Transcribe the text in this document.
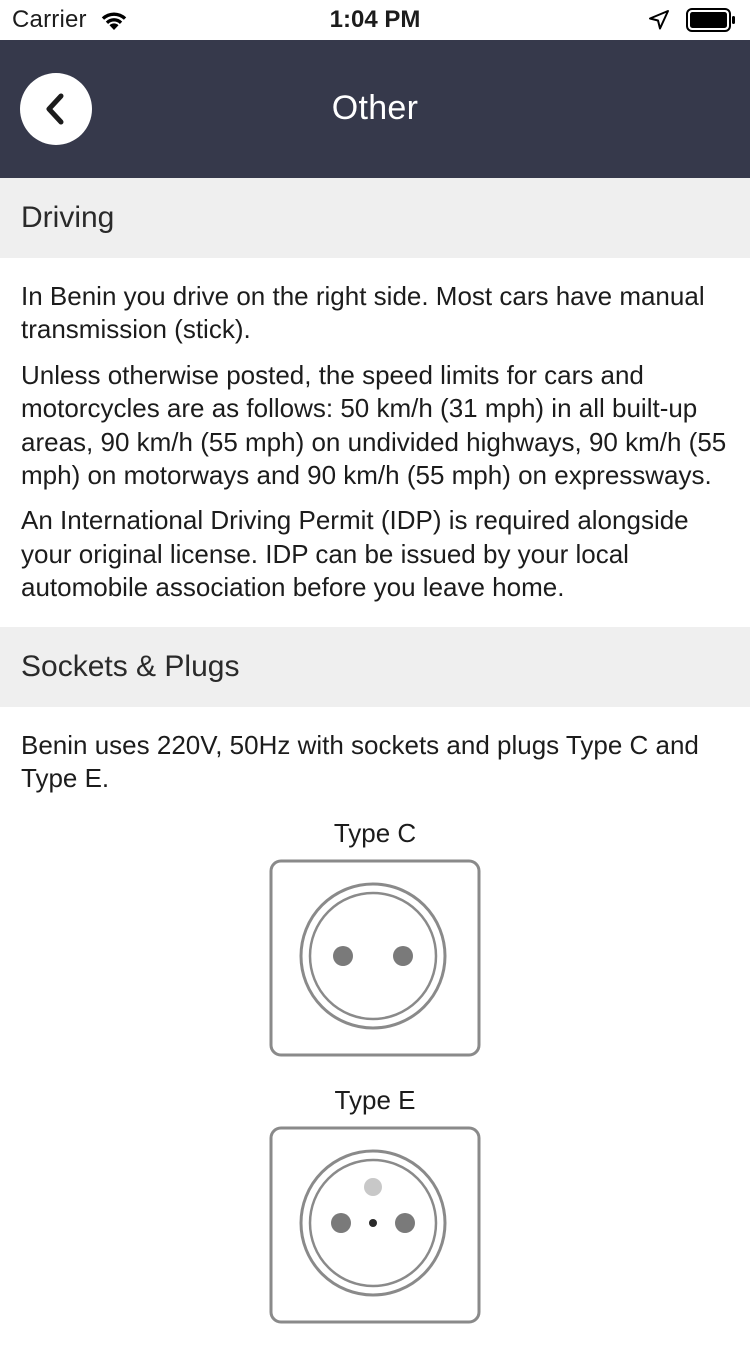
Carrier	1:04 PM
Other
Driving

In Benin you drive on the right side. Most cars have manual transmission (stick).

Unless otherwise posted, the speed limits for cars and motorcycles are as follows: 50 km/h (31 mph) in all built-up areas, 90 km/h (55 mph) on undivided highways, 90 km/h (55 mph) on motorways and 90 km/h (55 mph) on expressways.

An International Driving Permit (IDP) is required alongside your original license. IDP can be issued by your local automobile association before you leave home.

Sockets & Plugs

Benin uses 220V, 50Hz with sockets and plugs Type C and Type E.

Type C
Type E
